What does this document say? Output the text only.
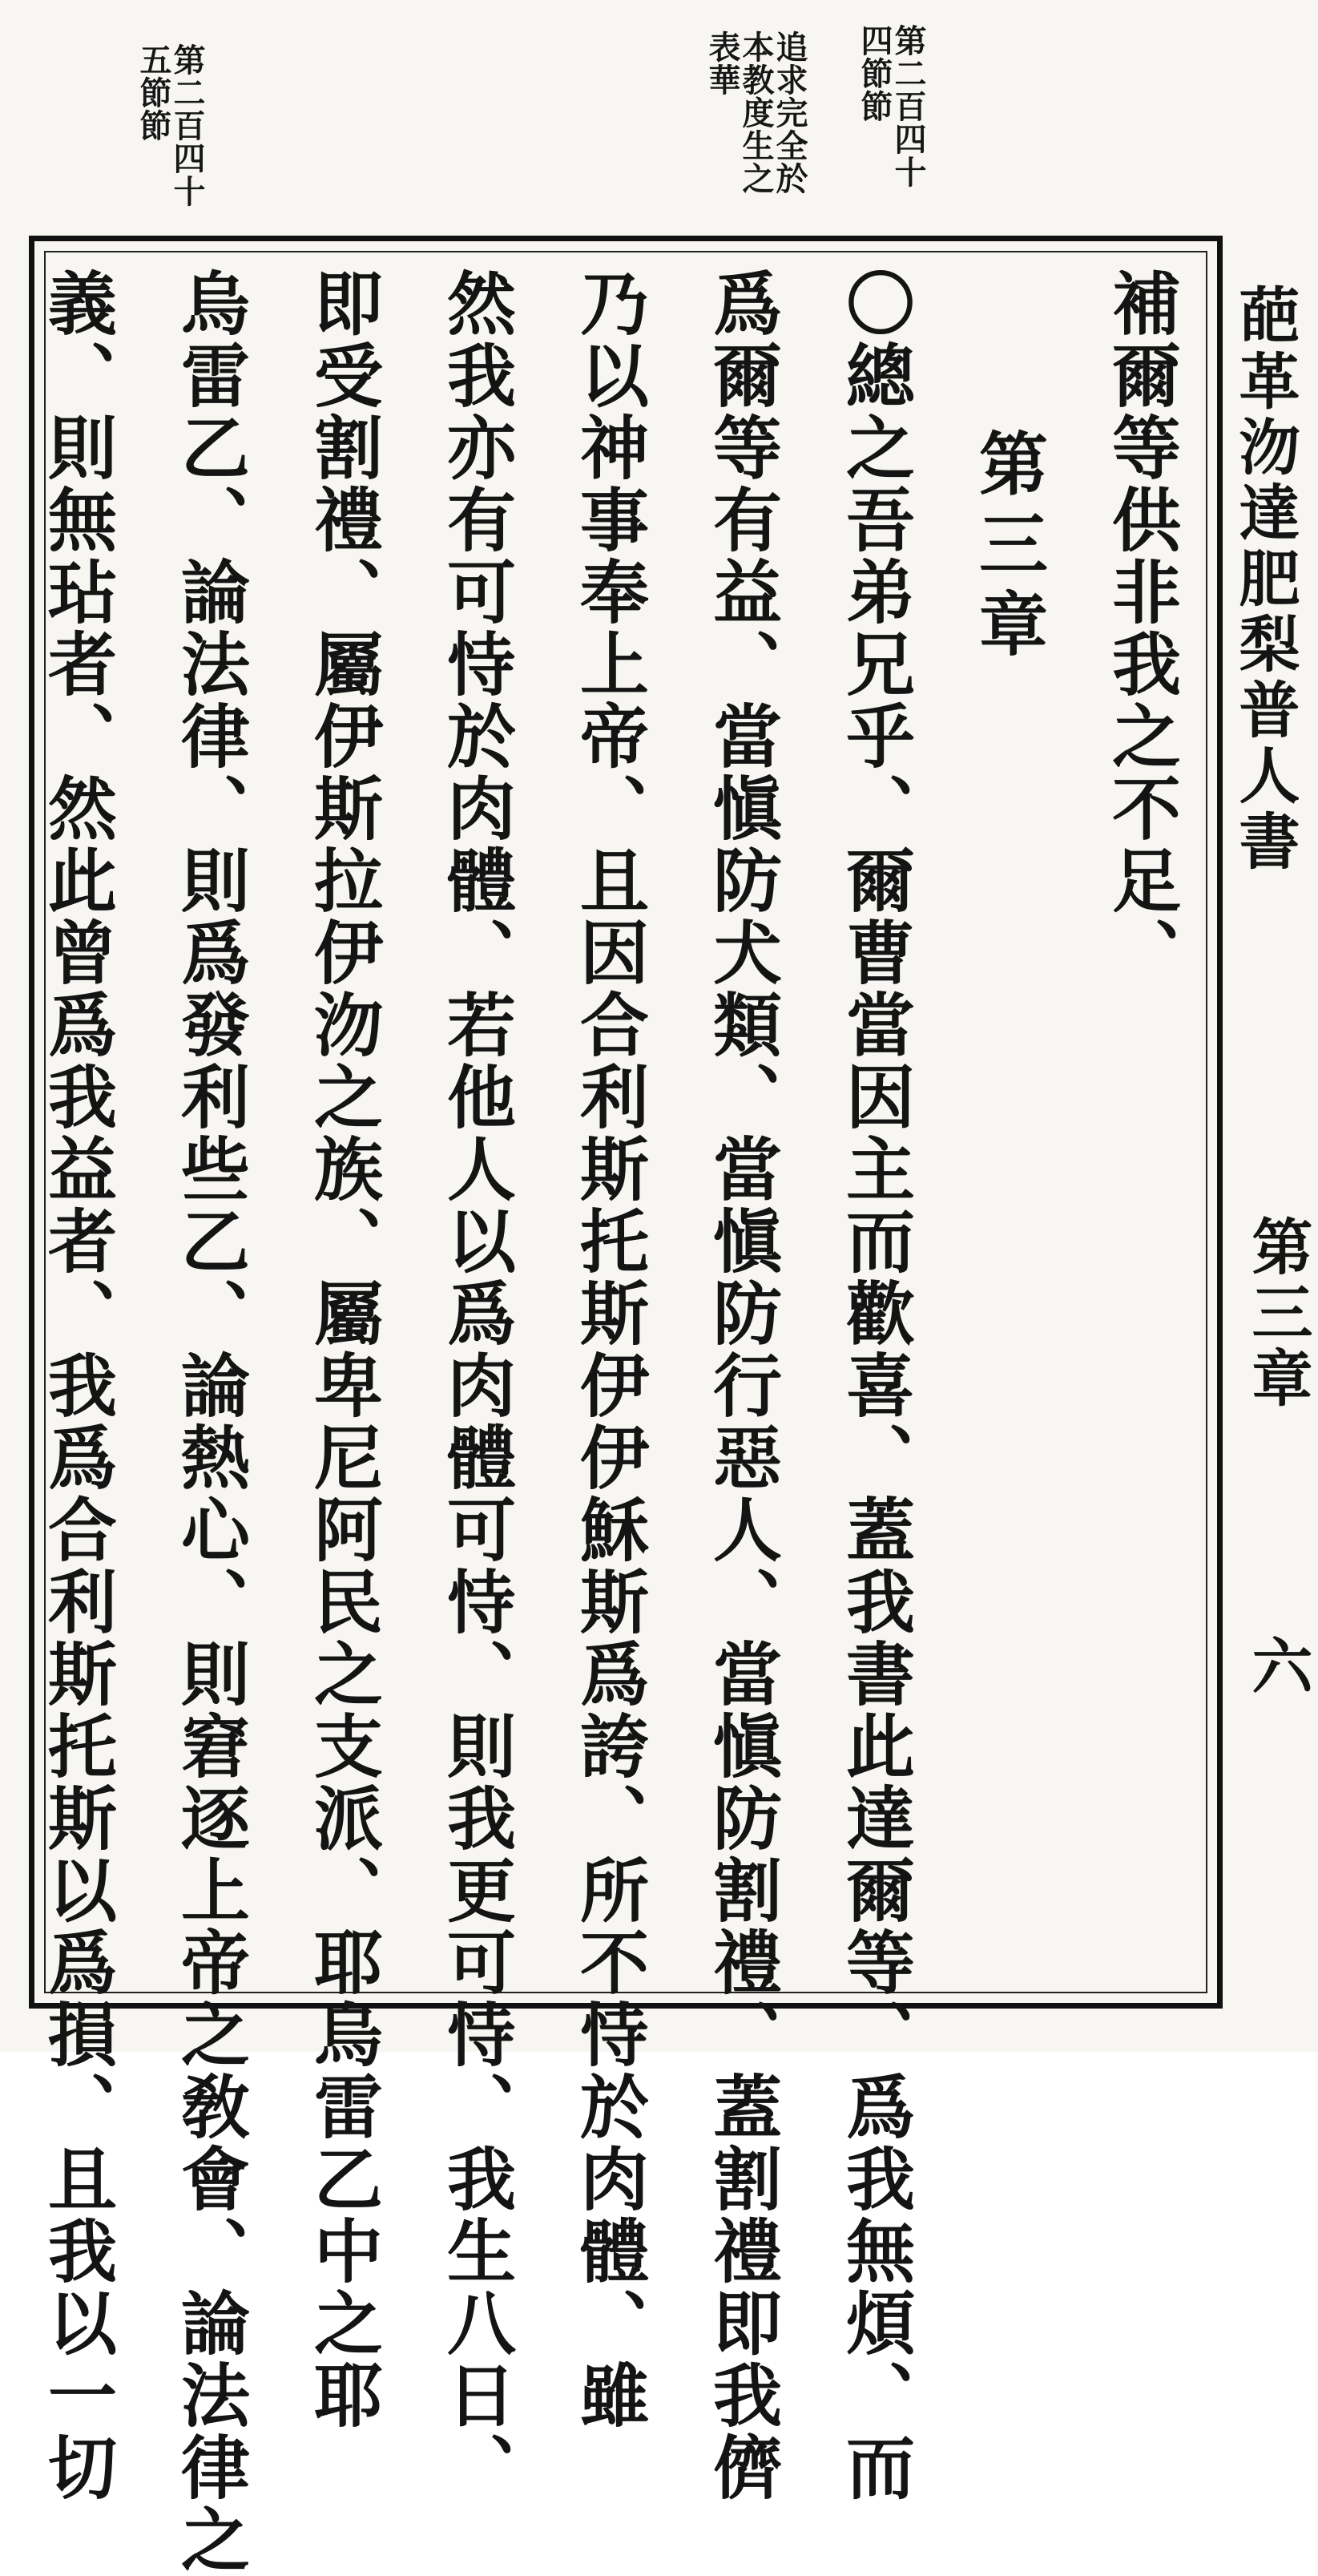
第二百四十
五節節	第二百四十
四節節
追求完全於
本教度生之
表華
葩革沕達肥梨普人書
第三章
六
補爾等供非我之不足、
第三章
〇總之吾弟兄乎、爾曹當因主而歡喜、蓋我書此達爾等、爲我無煩、而
爲爾等有益、當愼防犬類、當愼防行惡人、當愼防割禮、蓋割禮即我儕
乃以神事奉上帝、且因合利斯托斯伊伊穌斯爲誇、所不恃於肉體、雖
然我亦有可恃於肉體、若他人以爲肉體可恃、則我更可恃、我生八日、
即受割禮、屬伊斯拉伊沕之族、屬卑尼阿民之支派、耶烏雷乙中之耶
烏雷乙、論法律、則爲發利些乙、論熱心、則窘逐上帝之敎會、論法律之
義、則無玷者、然此曾爲我益者、我爲合利斯托斯以爲損、且我以一切
